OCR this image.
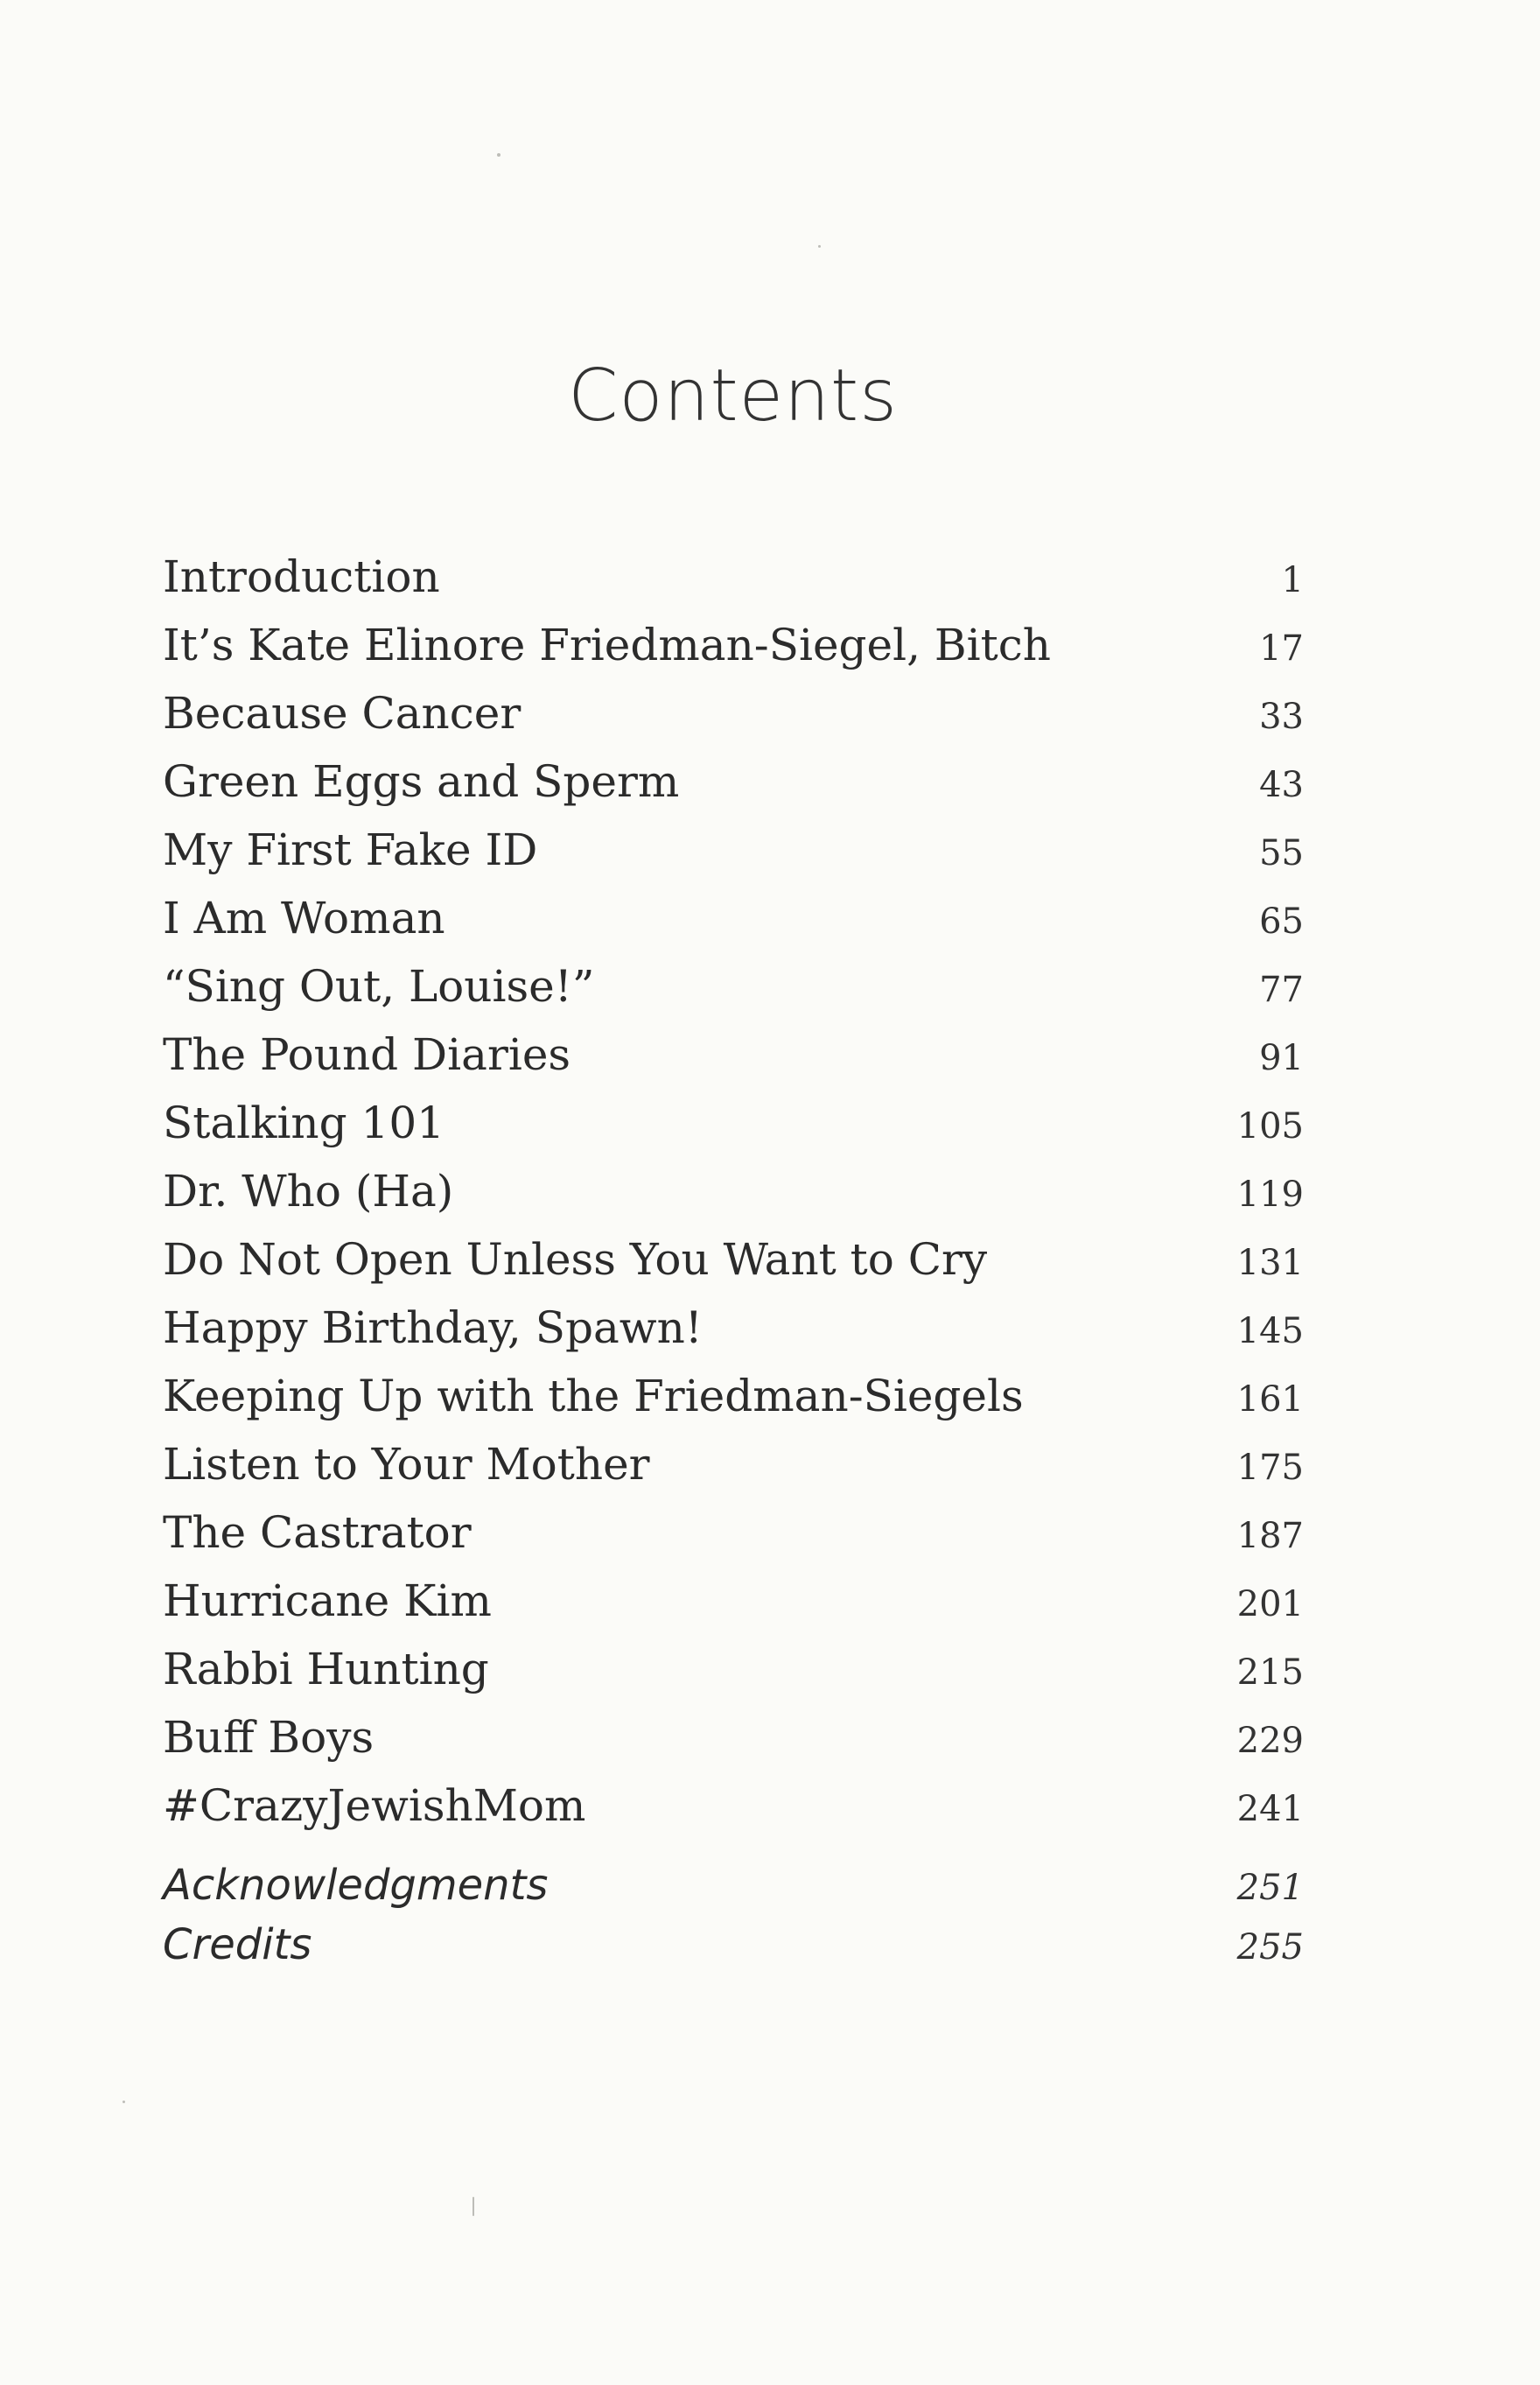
Contents
Introduction	1
It’s Kate Elinore Friedman-Siegel, Bitch	17
Because Cancer	33
Green Eggs and Sperm	43
My First Fake ID	55
I Am Woman	65
“Sing Out, Louise!”	77
The Pound Diaries	91
Stalking 101	105
Dr. Who (Ha)	119
Do Not Open Unless You Want to Cry	131
Happy Birthday, Spawn!	145
Keeping Up with the Friedman-Siegels	161
Listen to Your Mother	175
The Castrator	187
Hurricane Kim	201
Rabbi Hunting	215
Buff Boys	229
#CrazyJewishMom	241
Acknowledgments	251
Credits	255
